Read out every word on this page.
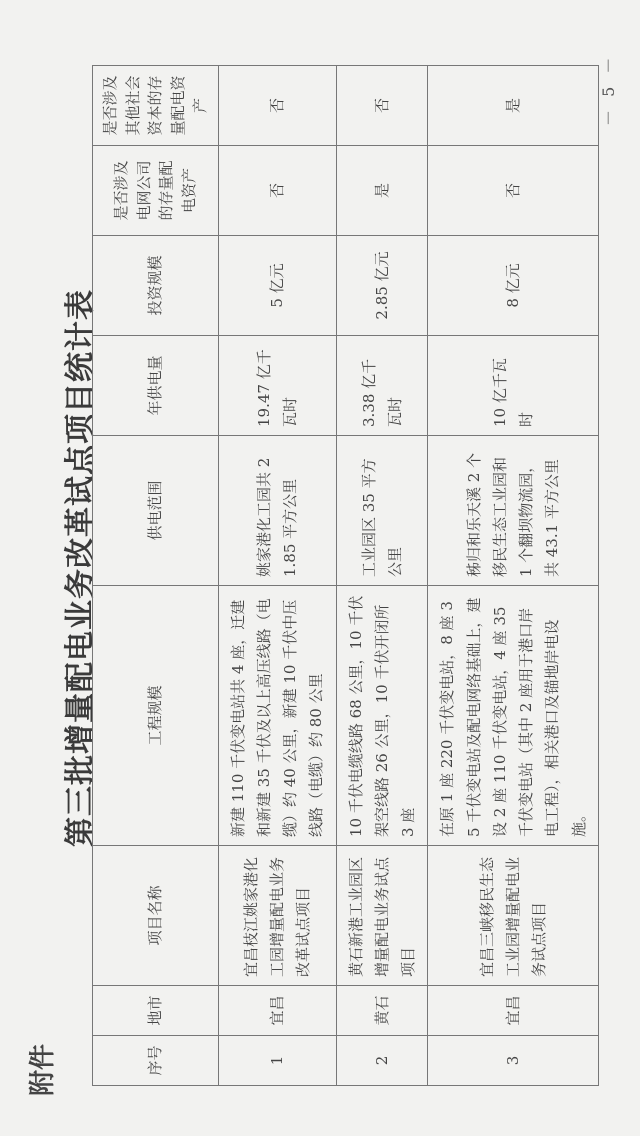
附件
第三批增量配电业务改革试点项目统计表
序号	地市	项目名称	工程规模	供电范围	年供电量	投资规模	是否涉及电网公司的存量配电资产	是否涉及其他社会资本的存量配电资产
1	宜昌	宜昌枝江姚家港化工园增量配电业务改革试点项目	新建 110 千伏变电站共 4 座，迁建和新建 35 千伏及以上高压线路（电缆）约 40 公里，新建 10 千伏中压线路（电缆）约 80 公里	姚家港化工园共 21.85 平方公里	19.47 亿千瓦时	5 亿元	否	否
2	黄石	黄石新港工业园区增量配电业务试点项目	10 千伏电缆线路 68 公里，10 千伏架空线路 26 公里，10 千伏开闭所 3 座	工业园区 35 平方公里	3.38 亿千瓦时	2.85 亿元	是	否
3	宜昌	宜昌三峡移民生态工业园增量配电业务试点项目	在原 1 座 220 千伏变电站，8 座 35 千伏变电站及配电网络基础上，建设 2 座 110 千伏变电站，4 座 35 千伏变电站（其中 2 座用于港口岸电工程），相关港口及锚地岸电设施。	秭归和乐天溪 2 个移民生态工业园和 1 个翻坝物流园，共 43.1 平方公里	10 亿千瓦时	8 亿元	否	是	－ 5 －
